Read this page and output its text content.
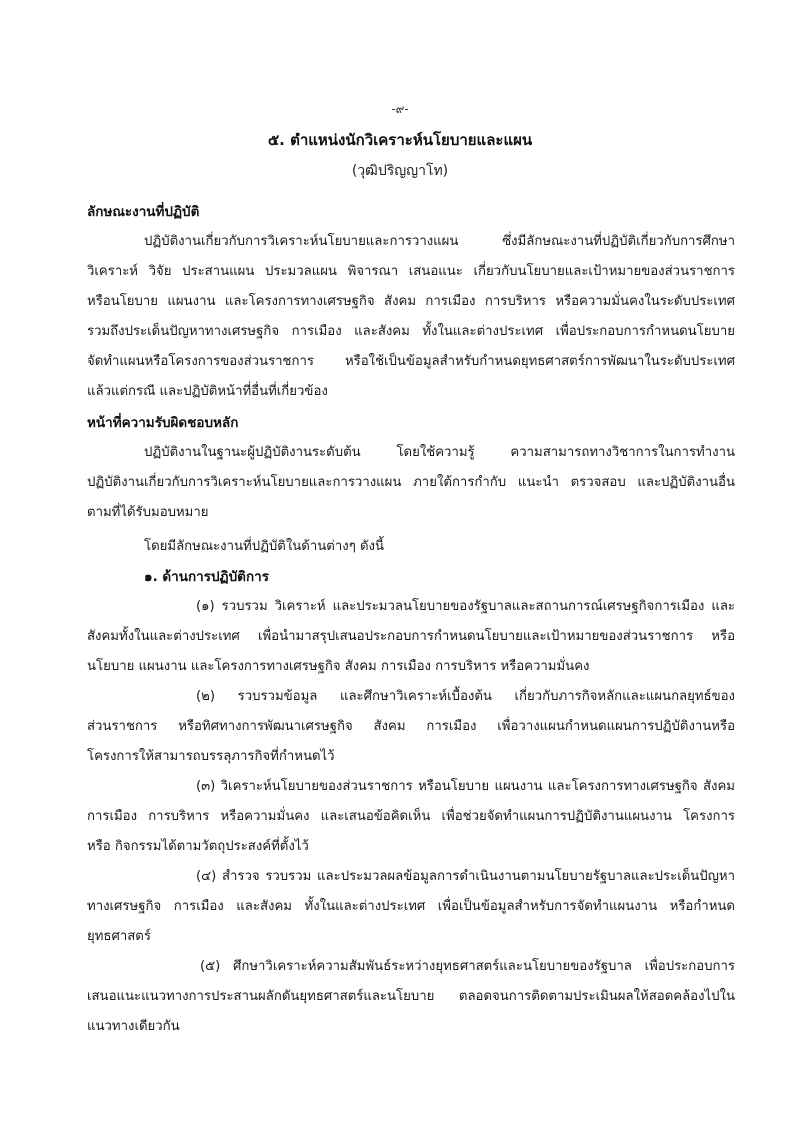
-๙-
๕. ตำแหน่งนักวิเคราะห์นโยบายและแผน
(วุฒิปริญญาโท)
ลักษณะงานที่ปฏิบัติ
ปฏิบัติงานเกี่ยวกับการวิเคราะห์นโยบายและการวางแผน ซึ่งมีลักษณะงานที่ปฏิบัติเกี่ยวกับการศึกษา
วิเคราะห์ วิจัย ประสานแผน ประมวลแผน พิจารณา เสนอแนะ เกี่ยวกับนโยบายและเป้าหมายของส่วนราชการ
หรือนโยบาย แผนงาน และโครงการทางเศรษฐกิจ สังคม การเมือง การบริหาร หรือความมั่นคงในระดับประเทศ
รวมถึงประเด็นปัญหาทางเศรษฐกิจ การเมือง และสังคม ทั้งในและต่างประเทศ เพื่อประกอบการกำหนดนโยบาย
จัดทำแผนหรือโครงการของส่วนราชการ หรือใช้เป็นข้อมูลสำหรับกำหนดยุทธศาสตร์การพัฒนาในระดับประเทศ
แล้วแต่กรณี และปฏิบัติหน้าที่อื่นที่เกี่ยวข้อง
หน้าที่ความรับผิดชอบหลัก
ปฏิบัติงานในฐานะผู้ปฏิบัติงานระดับต้น โดยใช้ความรู้ ความสามารถทางวิชาการในการทำงาน
ปฏิบัติงานเกี่ยวกับการวิเคราะห์นโยบายและการวางแผน ภายใต้การกำกับ แนะนำ ตรวจสอบ และปฏิบัติงานอื่น
ตามที่ได้รับมอบหมาย
โดยมีลักษณะงานที่ปฏิบัติในด้านต่างๆ ดังนี้
๑. ด้านการปฏิบัติการ
(๑) รวบรวม วิเคราะห์ และประมวลนโยบายของรัฐบาลและสถานการณ์เศรษฐกิจการเมือง และ
สังคมทั้งในและต่างประเทศ เพื่อนำมาสรุปเสนอประกอบการกำหนดนโยบายและเป้าหมายของส่วนราชการ หรือ
นโยบาย แผนงาน และโครงการทางเศรษฐกิจ สังคม การเมือง การบริหาร หรือความมั่นคง
(๒) รวบรวมข้อมูล และศึกษาวิเคราะห์เบื้องต้น เกี่ยวกับภารกิจหลักและแผนกลยุทธ์ของ
ส่วนราชการ หรือทิศทางการพัฒนาเศรษฐกิจ สังคม การเมือง เพื่อวางแผนกำหนดแผนการปฏิบัติงานหรือ
โครงการให้สามารถบรรลุภารกิจที่กำหนดไว้
(๓) วิเคราะห์นโยบายของส่วนราชการ หรือนโยบาย แผนงาน และโครงการทางเศรษฐกิจ สังคม
การเมือง การบริหาร หรือความมั่นคง และเสนอข้อคิดเห็น เพื่อช่วยจัดทำแผนการปฏิบัติงานแผนงาน โครงการ
หรือ กิจกรรมได้ตามวัตถุประสงค์ที่ตั้งไว้
(๔) สำรวจ รวบรวม และประมวลผลข้อมูลการดำเนินงานตามนโยบายรัฐบาลและประเด็นปัญหา
ทางเศรษฐกิจ การเมือง และสังคม ทั้งในและต่างประเทศ เพื่อเป็นข้อมูลสำหรับการจัดทำแผนงาน หรือกำหนด
ยุทธศาสตร์
(๕) ศึกษาวิเคราะห์ความสัมพันธ์ระหว่างยุทธศาสตร์และนโยบายของรัฐบาล เพื่อประกอบการ
เสนอแนะแนวทางการประสานผลักดันยุทธศาสตร์และนโยบาย ตลอดจนการติดตามประเมินผลให้สอดคล้องไปใน
แนวทางเดียวกัน
